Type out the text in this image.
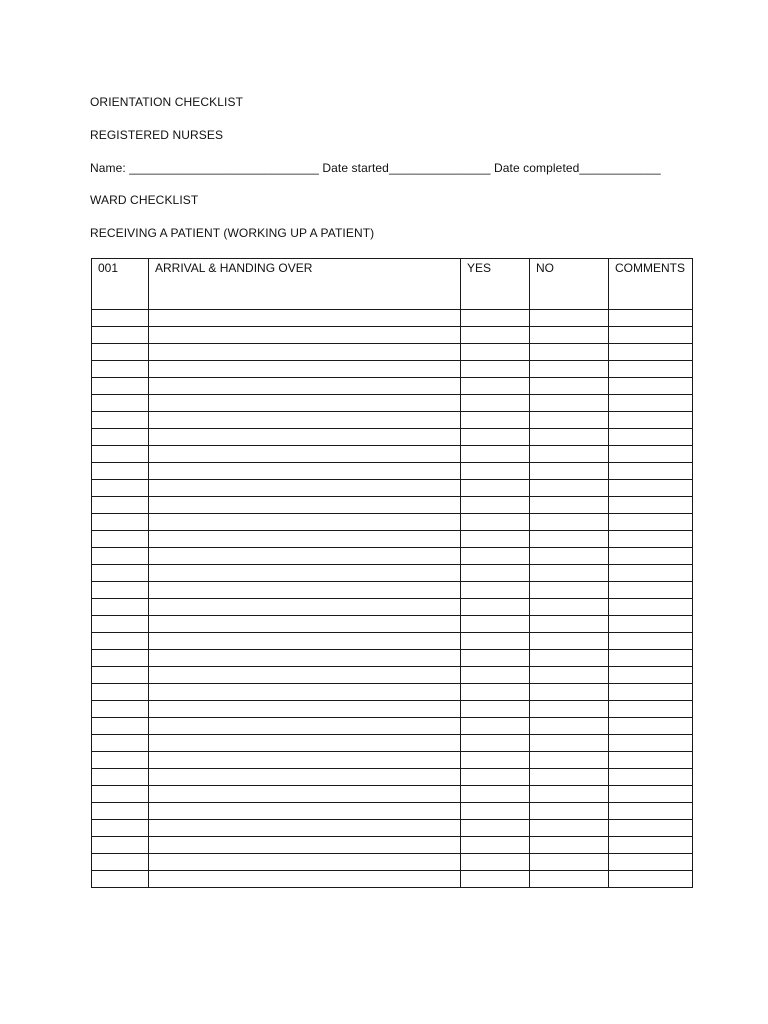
ORIENTATION CHECKLIST
REGISTERED NURSES
Name: ____________________________ Date started_______________ Date completed____________
WARD CHECKLIST
RECEIVING A PATIENT (WORKING UP A PATIENT)
001	ARRIVAL & HANDING OVER	YES	NO	COMMENTS
